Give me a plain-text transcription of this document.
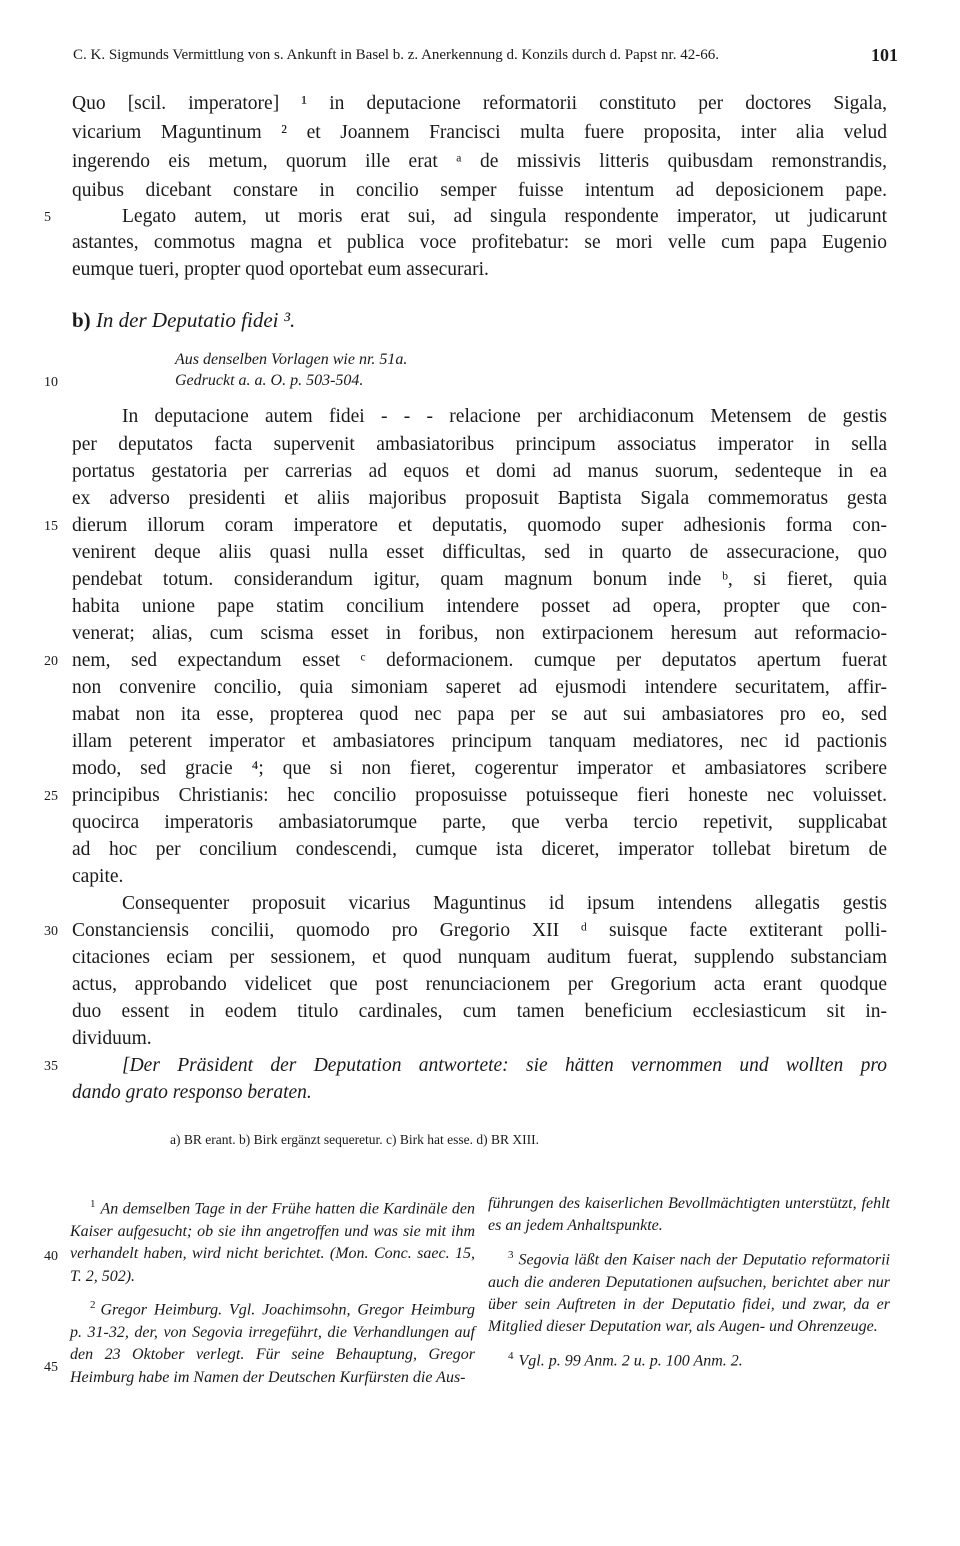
C. K. Sigmunds Vermittlung von s. Ankunft in Basel b. z. Anerkennung d. Konzils durch d. Papst nr. 42-66.	101
Quo [scil. imperatore] ¹ in deputacione reformatorii constituto per doctores Sigala,
vicarium Maguntinum ² et Joannem Francisci multa fuere proposita, inter alia velud
ingerendo eis metum, quorum ille erat ᵃ de missivis litteris quibusdam remonstrandis,
quibus dicebant constare in concilio semper fuisse intentum ad deposicionem pape.
5	Legato autem, ut moris erat sui, ad singula respondente imperator, ut judicarunt
astantes, commotus magna et publica voce profitebatur: se mori velle cum papa Eugenio
eumque tueri, propter quod oportebat eum assecurari.
b) In der Deputatio fidei ³.
Aus denselben Vorlagen wie nr. 51a.
10	Gedruckt a. a. O. p. 503-504.
In deputacione autem fidei - - - relacione per archidiaconum Metensem de gestis
per deputatos facta supervenit ambasiatoribus principum associatus imperator in sella
portatus gestatoria per carrerias ad equos et domi ad manus suorum, sedenteque in ea
ex adverso presidenti et aliis majoribus proposuit Baptista Sigala commemoratus gesta
15 dierum illorum coram imperatore et deputatis, quomodo super adhesionis forma con-
venirent deque aliis quasi nulla esset difficultas, sed in quarto de assecuracione, quo
pendebat totum. considerandum igitur, quam magnum bonum inde ᵇ, si fieret, quia
habita unione pape statim concilium intendere posset ad opera, propter que con-
venerat; alias, cum scisma esset in foribus, non extirpacionem heresum aut reformacio-
20 nem, sed expectandum esset ᶜ deformacionem. cumque per deputatos apertum fuerat
non convenire concilio, quia simoniam saperet ad ejusmodi intendere securitatem, affir-
mabat non ita esse, propterea quod nec papa per se aut sui ambasiatores pro eo, sed
illam peterent imperator et ambasiatores principum tanquam mediatores, nec id pactionis
modo, sed gracie ⁴; que si non fieret, cogerentur imperator et ambasiatores scribere
25 principibus Christianis: hec concilio proposuisse potuisseque fieri honeste nec voluisset.
quocirca imperatoris ambasiatorumque parte, que verba tercio repetivit, supplicabat
ad hoc per concilium condescendi, cumque ista diceret, imperator tollebat biretum de
capite.
Consequenter proposuit vicarius Maguntinus id ipsum intendens allegatis gestis
30 Constanciensis concilii, quomodo pro Gregorio XII ᵈ suisque facte extiterant polli-
citaciones eciam per sessionem, et quod nunquam auditum fuerat, supplendo substanciam
actus, approbando videlicet que post renunciacionem per Gregorium acta erant quodque
duo essent in eodem titulo cardinales, cum tamen beneficium ecclesiasticum sit in-
dividuum.
35	[Der Präsident der Deputation antwortete: sie hätten vernommen und wollten pro
dando grato responso beraten.
a) BR erant. b) Birk ergänzt sequeretur. c) Birk hat esse. d) BR XIII.
40
45

$^1$ An demselben Tage in der Frühe hatten die Kardinäle den Kaiser aufgesucht; ob sie ihn angetroffen und was sie mit ihm verhandelt haben, wird nicht berichtet. (Mon. Conc. saec. 15, T. 2, 502).

$^2$ Gregor Heimburg. Vgl. Joachimsohn, Gregor Heimburg p. 31-32, der, von Segovia irregeführt, die Verhandlungen auf den 23 Oktober verlegt. Für seine Behauptung, Gregor Heimburg habe im Namen der Deutschen Kurfürsten die Aus-

führungen des kaiserlichen Bevollmächtigten unterstützt, fehlt es an jedem Anhaltspunkte.

$^3$ Segovia läßt den Kaiser nach der Deputatio reformatorii auch die anderen Deputationen aufsuchen, berichtet aber nur über sein Auftreten in der Deputatio fidei, und zwar, da er Mitglied dieser Deputation war, als Augen- und Ohrenzeuge.

$^4$ Vgl. p. 99 Anm. 2 u. p. 100 Anm. 2.
